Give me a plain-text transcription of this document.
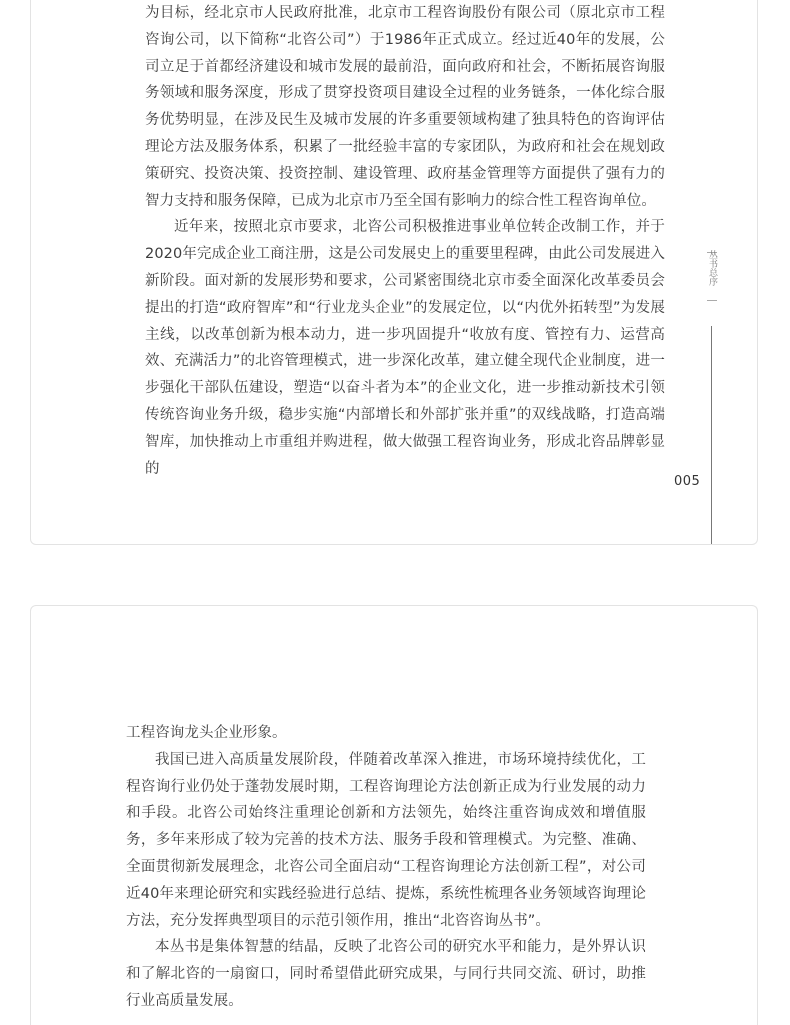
为目标，经北京市人民政府批准，北京市工程咨询股份有限公司（原北京市工程咨询公司，以下简称“北咨公司”）于1986年正式成立。经过近40年的发展，公司立足于首都经济建设和城市发展的最前沿，面向政府和社会，不断拓展咨询服务领域和服务深度，形成了贯穿投资项目建设全过程的业务链条，一体化综合服务优势明显，在涉及民生及城市发展的许多重要领域构建了独具特色的咨询评估理论方法及服务体系，积累了一批经验丰富的专家团队，为政府和社会在规划政策研究、投资决策、投资控制、建设管理、政府基金管理等方面提供了强有力的智力支持和服务保障，已成为北京市乃至全国有影响力的综合性工程咨询单位。

近年来，按照北京市要求，北咨公司积极推进事业单位转企改制工作，并于2020年完成企业工商注册，这是公司发展史上的重要里程碑，由此公司发展进入新阶段。面对新的发展形势和要求，公司紧密围绕北京市委全面深化改革委员会提出的打造“政府智库”和“行业龙头企业”的发展定位，以“内优外拓转型”为发展主线，以改革创新为根本动力，进一步巩固提升“收放有度、管控有力、运营高效、充满活力”的北咨管理模式，进一步深化改革，建立健全现代企业制度，进一步强化干部队伍建设，塑造“以奋斗者为本”的企业文化，进一步推动新技术引领传统咨询业务升级，稳步实施“内部增长和外部扩张并重”的双线战略，打造高端智库，加快推动上市重组并购进程，做大做强工程咨询业务，形成北咨品牌彰显的

丛书总序
005

工程咨询龙头企业形象。

我国已进入高质量发展阶段，伴随着改革深入推进，市场环境持续优化，工程咨询行业仍处于蓬勃发展时期，工程咨询理论方法创新正成为行业发展的动力和手段。北咨公司始终注重理论创新和方法领先，始终注重咨询成效和增值服务，多年来形成了较为完善的技术方法、服务手段和管理模式。为完整、准确、全面贯彻新发展理念，北咨公司全面启动“工程咨询理论方法创新工程”，对公司近40年来理论研究和实践经验进行总结、提炼，系统性梳理各业务领域咨询理论方法，充分发挥典型项目的示范引领作用，推出“北咨咨询丛书”。

本丛书是集体智慧的结晶，反映了北咨公司的研究水平和能力，是外界认识和了解北咨的一扇窗口，同时希望借此研究成果，与同行共同交流、研讨，助推行业高质量发展。
